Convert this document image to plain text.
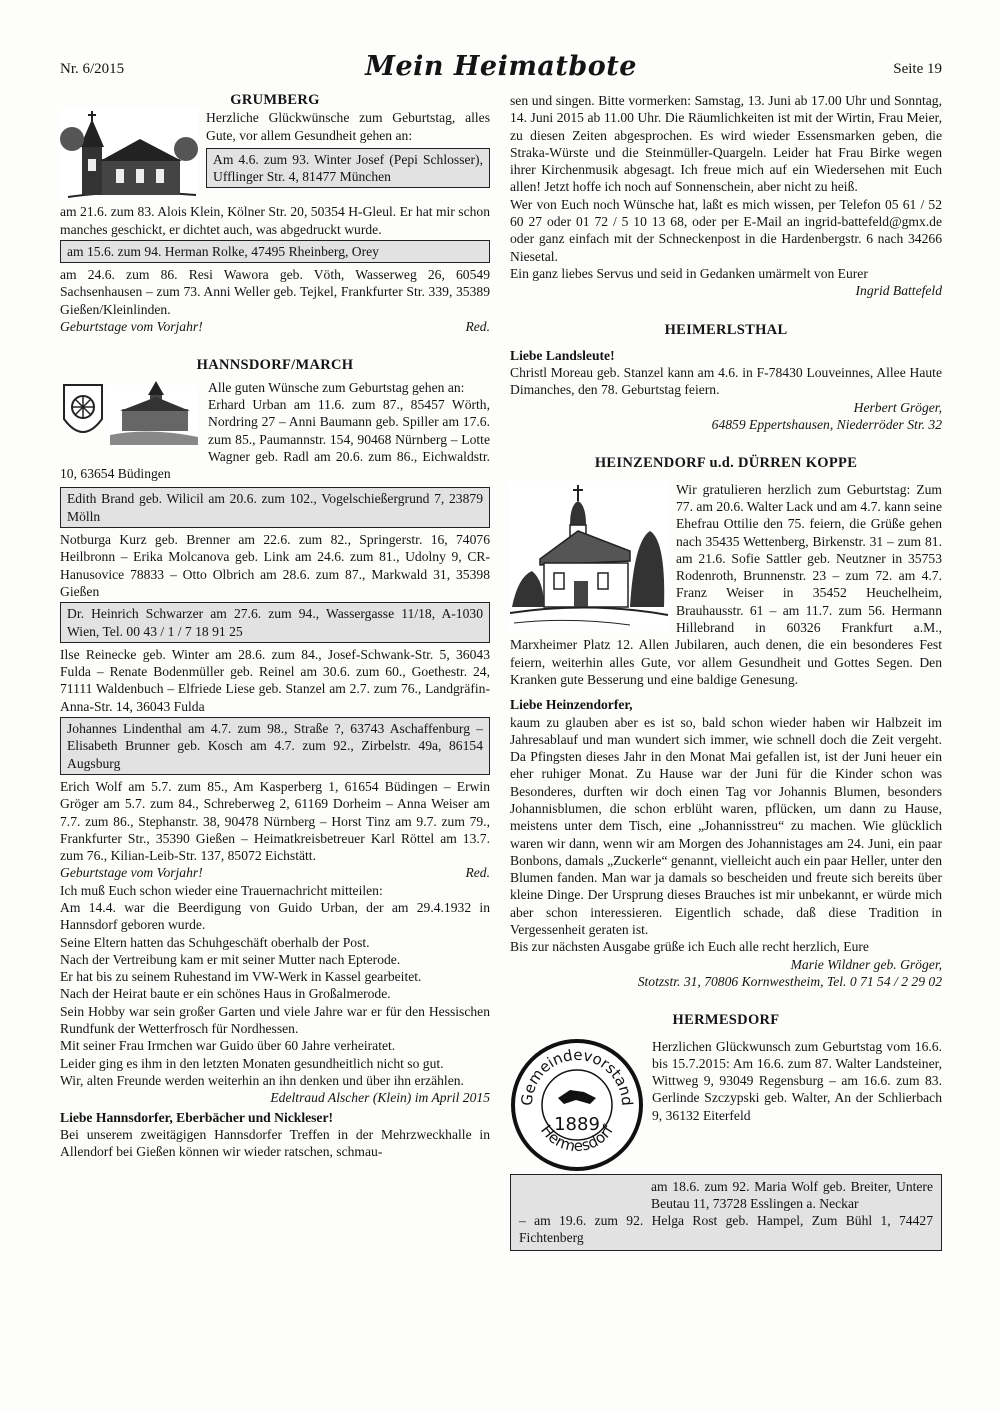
Nr. 6/2015	Mein Heimatbote	Seite 19
GRUMBERG

Herzliche Glückwünsche zum Geburtstag, alles Gute, vor allem Gesundheit gehen an:

Am 4.6. zum 93. Winter Josef (Pepi Schlosser), Ufflinger Str. 4, 81477 München

am 21.6. zum 83. Alois Klein, Kölner Str. 20, 50354 H-Gleul. Er hat mir schon manches geschickt, er dichtet auch, was abgedruckt wurde.

am 15.6. zum 94. Herman Rolke, 47495 Rheinberg, Orey

am 24.6. zum 86. Resi Wawora geb. Vöth, Wasserweg 26, 60549 Sachsenhausen – zum 73. Anni Weller geb. Tejkel, Frankfurter Str. 339, 35389 Gießen/Kleinlinden.

Geburtstage vom Vorjahr!	Red.
HANNSDORF/MARCH

Alle guten Wünsche zum Geburtstag gehen an:

Erhard Urban am 11.6. zum 87., 85457 Wörth, Nordring 27 – Anni Baumann geb. Spiller am 17.6. zum 85., Paumannstr. 154, 90468 Nürnberg – Lotte Wagner geb. Radl am 20.6. zum 86., Eichwaldstr. 10, 63654 Büdingen

Edith Brand geb. Wilicil am 20.6. zum 102., Vogelschießergrund 7, 23879 Mölln

Notburga Kurz geb. Brenner am 22.6. zum 82., Springerstr. 16, 74076 Heilbronn – Erika Molcanova geb. Link am 24.6. zum 81., Udolny 9, CR-Hanusovice 78833 – Otto Olbrich am 28.6. zum 87., Markwald 31, 35398 Gießen

Dr. Heinrich Schwarzer am 27.6. zum 94., Wassergasse 11/18, A-1030 Wien, Tel. 00 43 / 1 / 7 18 91 25

Ilse Reinecke geb. Winter am 28.6. zum 84., Josef-Schwank-Str. 5, 36043 Fulda – Renate Bodenmüller geb. Reinel am 30.6. zum 60., Goethestr. 24, 71111 Waldenbuch – Elfriede Liese geb. Stanzel am 2.7. zum 76., Landgräfin-Anna-Str. 14, 36043 Fulda

Johannes Lindenthal am 4.7. zum 98., Straße ?, 63743 Aschaffenburg – Elisabeth Brunner geb. Kosch am 4.7. zum 92., Zirbelstr. 49a, 86154 Augsburg

Erich Wolf am 5.7. zum 85., Am Kasperberg 1, 61654 Büdingen – Erwin Gröger am 5.7. zum 84., Schreberweg 2, 61169 Dorheim – Anna Weiser am 7.7. zum 86., Stephanstr. 38, 90478 Nürnberg – Horst Tinz am 9.7. zum 79., Frankfurter Str., 35390 Gießen – Heimatkreisbetreuer Karl Röttel am 13.7. zum 76., Kilian-Leib-Str. 137, 85072 Eichstätt.

Geburtstage vom Vorjahr!	Red.

Ich muß Euch schon wieder eine Trauernachricht mitteilen:

Am 14.4. war die Beerdigung von Guido Urban, der am 29.4.1932 in Hannsdorf geboren wurde.

Seine Eltern hatten das Schuhgeschäft oberhalb der Post.

Nach der Vertreibung kam er mit seiner Mutter nach Epterode.

Er hat bis zu seinem Ruhestand im VW-Werk in Kassel gearbeitet.

Nach der Heirat baute er ein schönes Haus in Großalmerode.

Sein Hobby war sein großer Garten und viele Jahre war er für den Hessischen Rundfunk der Wetterfrosch für Nordhessen.

Mit seiner Frau Irmchen war Guido über 60 Jahre verheiratet.

Leider ging es ihm in den letzten Monaten gesundheitlich nicht so gut.

Wir, alten Freunde werden weiterhin an ihn denken und über ihn erzählen.

Edeltraud Alscher (Klein) im April 2015

Liebe Hannsdorfer, Eberbächer und Nickleser!

Bei unserem zweitägigen Hannsdorfer Treffen in der Mehrzweckhalle in Allendorf bei Gießen können wir wieder ratschen, schmau-

sen und singen. Bitte vormerken: Samstag, 13. Juni ab 17.00 Uhr und Sonntag, 14. Juni 2015 ab 11.00 Uhr. Die Räumlichkeiten ist mit der Wirtin, Frau Meier, zu diesen Zeiten abgesprochen. Es wird wieder Essensmarken geben, die Straka-Würste und die Steinmüller-Quargeln. Leider hat Frau Birke wegen ihrer Kirchenmusik abgesagt. Ich freue mich auf ein Wiedersehen mit Euch allen! Jetzt hoffe ich noch auf Sonnenschein, aber nicht zu heiß.

Wer von Euch noch Wünsche hat, laßt es mich wissen, per Telefon 05 61 / 52 60 27 oder 01 72 / 5 10 13 68, oder per E-Mail an ingrid-battefeld@gmx.de oder ganz einfach mit der Schneckenpost in die Hardenbergstr. 6 nach 34266 Niesetal.

Ein ganz liebes Servus und seid in Gedanken umärmelt von Eurer

Ingrid Battefeld

HEIMERLSTHAL

Liebe Landsleute!

Christl Moreau geb. Stanzel kann am 4.6. in F-78430 Louveinnes, Allee Haute Dimanches, den 78. Geburtstag feiern.

Herbert Gröger,

64859 Eppertshausen, Niederröder Str. 32

HEINZENDORF u.d. DÜRREN KOPPE

Wir gratulieren herzlich zum Geburtstag: Zum 77. am 20.6. Walter Lack und am 4.7. kann seine Ehefrau Ottilie den 75. feiern, die Grüße gehen nach 35435 Wettenberg, Birkenstr. 31 – zum 81. am 21.6. Sofie Sattler geb. Neutzner in 35753 Rodenroth, Brunnenstr. 23 – zum 72. am 4.7. Franz Weiser in 35452 Heuchelheim, Brauhausstr. 61 – am 11.7. zum 56. Hermann Hillebrand in 60326 Frankfurt a.M., Marxheimer Platz 12. Allen Jubilaren, auch denen, die ein besonderes Fest feiern, weiterhin alles Gute, vor allem Gesundheit und Gottes Segen. Den Kranken gute Besserung und eine baldige Genesung.

Liebe Heinzendorfer,

kaum zu glauben aber es ist so, bald schon wieder haben wir Halbzeit im Jahresablauf und man wundert sich immer, wie schnell doch die Zeit vergeht. Da Pfingsten dieses Jahr in den Monat Mai gefallen ist, ist der Juni heuer ein eher ruhiger Monat. Zu Hause war der Juni für die Kinder schon was Besonderes, durften wir doch einen Tag vor Johannis Blumen, besonders Johannisblumen, die schon erblüht waren, pflücken, um dann zu Hause, meistens unter dem Tisch, eine „Johannisstreu“ zu machen. Wie glücklich waren wir dann, wenn wir am Morgen des Johannistages am 24. Juni, ein paar Bonbons, damals „Zuckerle“ genannt, vielleicht auch ein paar Heller, unter den Blumen fanden. Man war ja damals so bescheiden und freute sich bereits über kleine Dinge. Der Ursprung dieses Brauches ist mir unbekannt, er würde mich aber schon interessieren. Eigentlich schade, daß diese Tradition in Vergessenheit geraten ist.

Bis zur nächsten Ausgabe grüße ich Euch alle recht herzlich, Eure

Marie Wildner geb. Gröger,

Stotzstr. 31, 70806 Kornwestheim, Tel. 0 71 54 / 2 29 02

HERMESDORF
Gemeindevorstand
Hermesdorf
1889

Herzlichen Glückwunsch zum Geburtstag vom 16.6. bis 15.7.2015: Am 16.6. zum 87. Walter Landsteiner, Wittweg 9, 93049 Regensburg – am 16.6. zum 83. Gerlinde Szczypski geb. Walter, An der Schlierbach 9, 36132 Eiterfeld

am 18.6. zum 92. Maria Wolf geb. Breiter, Untere Beutau 11, 73728 Esslingen a. Neckar
– am 19.6. zum 92. Helga Rost geb. Hampel, Zum Bühl 1, 74427 Fichtenberg
